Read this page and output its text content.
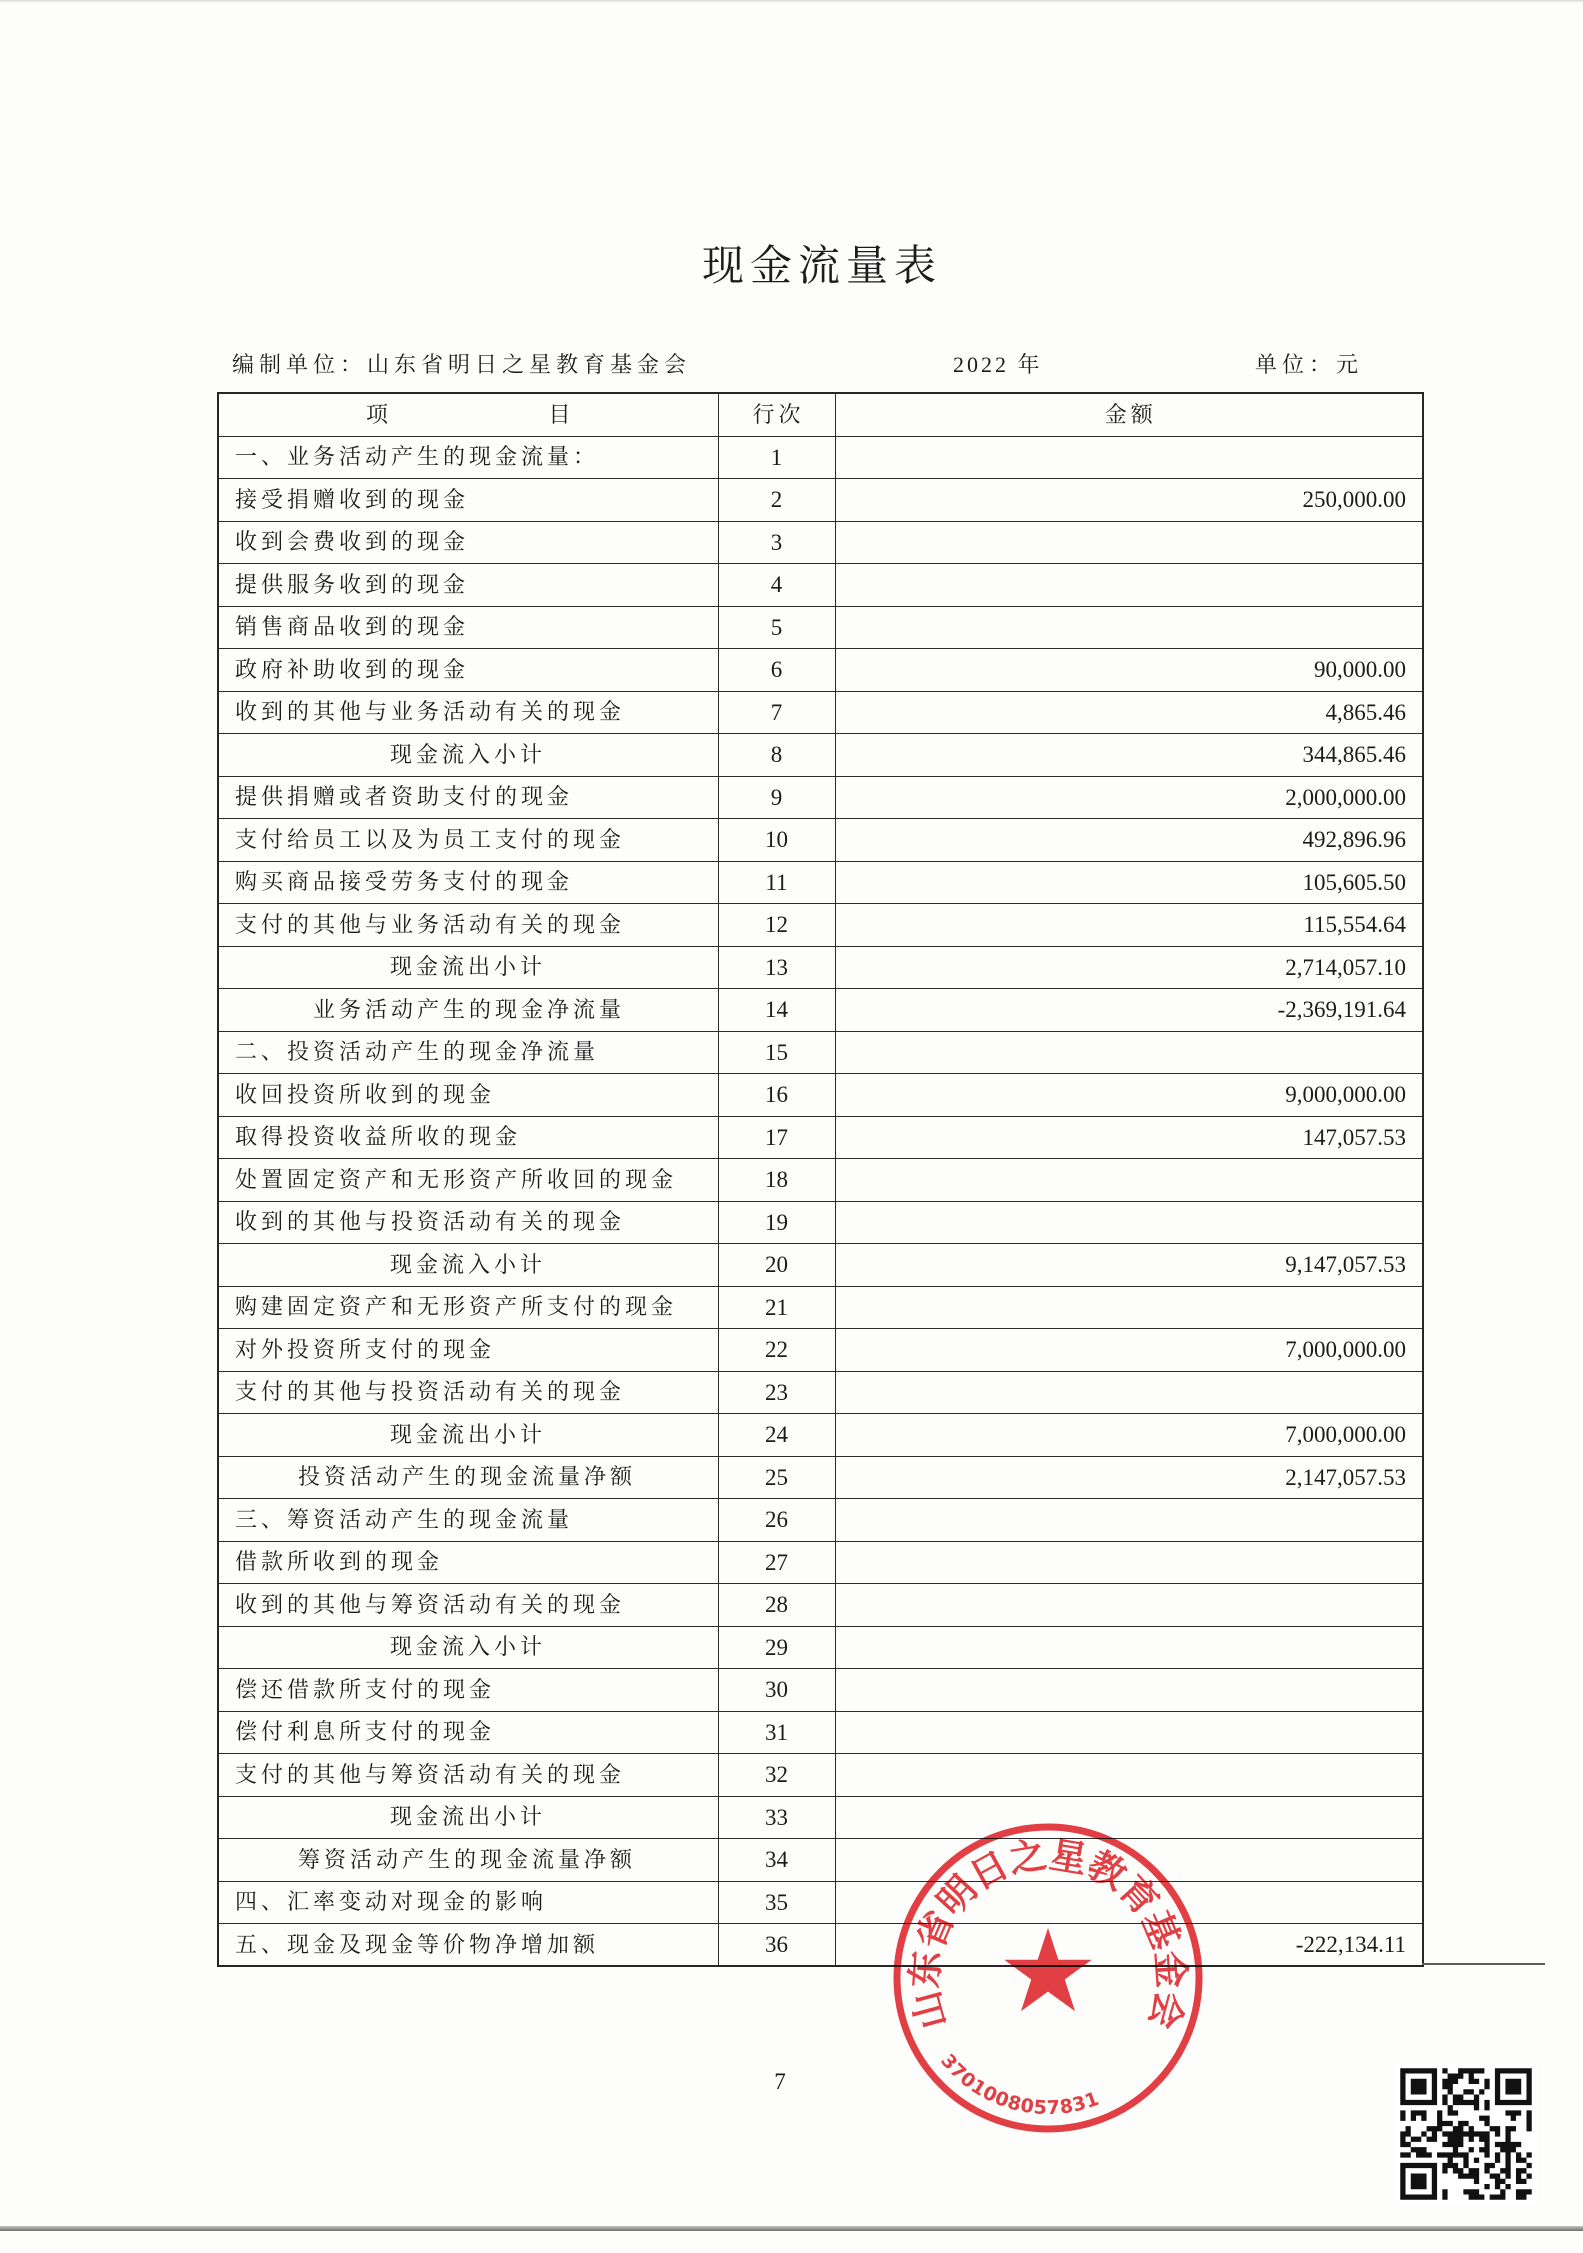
现金流量表
编制单位：山东省明日之星教育基金会	2022 年	单位：元
项 目	行次	金额
一、业务活动产生的现金流量：	1	
接受捐赠收到的现金	2	250,000.00
收到会费收到的现金	3	
提供服务收到的现金	4	
销售商品收到的现金	5	
政府补助收到的现金	6	90,000.00
收到的其他与业务活动有关的现金	7	4,865.46
现金流入小计	8	344,865.46
提供捐赠或者资助支付的现金	9	2,000,000.00
支付给员工以及为员工支付的现金	10	492,896.96
购买商品接受劳务支付的现金	11	105,605.50
支付的其他与业务活动有关的现金	12	115,554.64
现金流出小计	13	2,714,057.10
业务活动产生的现金净流量	14	-2,369,191.64
二、投资活动产生的现金净流量	15	
收回投资所收到的现金	16	9,000,000.00
取得投资收益所收的现金	17	147,057.53
处置固定资产和无形资产所收回的现金	18	
收到的其他与投资活动有关的现金	19	
现金流入小计	20	9,147,057.53
购建固定资产和无形资产所支付的现金	21	
对外投资所支付的现金	22	7,000,000.00
支付的其他与投资活动有关的现金	23	
现金流出小计	24	7,000,000.00
投资活动产生的现金流量净额	25	2,147,057.53
三、筹资活动产生的现金流量	26	
借款所收到的现金	27	
收到的其他与筹资活动有关的现金	28	
现金流入小计	29	
偿还借款所支付的现金	30	
偿付利息所支付的现金	31	
支付的其他与筹资活动有关的现金	32	
现金流出小计	33	
筹资活动产生的现金流量净额	34	
四、汇率变动对现金的影响	35	
五、现金及现金等价物净增加额	36	-222,134.11
7
山东省明日之星教育基金会
3701008057831
